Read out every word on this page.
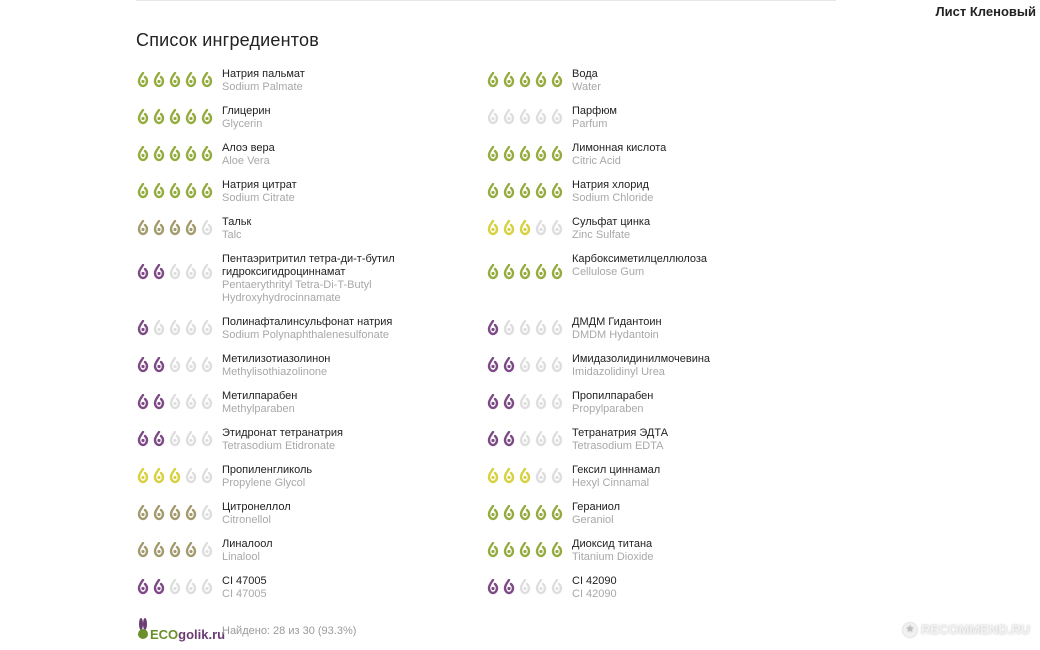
Лист Кленовый
Список ингредиентов
Натрия пальмат
Sodium Palmate
Глицерин
Glycerin
Алоэ вера
Aloe Vera
Натрия цитрат
Sodium Citrate
Тальк
Talc
Пентаэритритил тетра-ди-т-бутил гидроксигидроциннамат
Pentaerythrityl Tetra-Di-T-Butyl Hydroxyhydrocinnamate
Полинафталинсульфонат натрия
Sodium Polynaphthalenesulfonate
Метилизотиазолинон
Methylisothiazolinone
Метилпарабен
Methylparaben
Этидронат тетранатрия
Tetrasodium Etidronate
Пропиленгликоль
Propylene Glycol
Цитронеллол
Citronellol
Линалоол
Linalool
CI 47005
CI 47005
Вода
Water
Парфюм
Parfum
Лимонная кислота
Citric Acid
Натрия хлорид
Sodium Chloride
Сульфат цинка
Zinc Sulfate
Карбоксиметилцеллюлоза
Cellulose Gum
ДМДМ Гидантоин
DMDM Hydantoin
Имидазолидинилмочевина
Imidazolidinyl Urea
Пропилпарабен
Propylparaben
Тетранатрия ЭДТА
Tetrasodium EDTA
Гексил циннамал
Hexyl Cinnamal
Гераниол
Geraniol
Диоксид титана
Titanium Dioxide
CI 42090
CI 42090
ECO golik.ru
Найдено: 28 из 30 (93.3%)	★ RECOMMEND.RU
